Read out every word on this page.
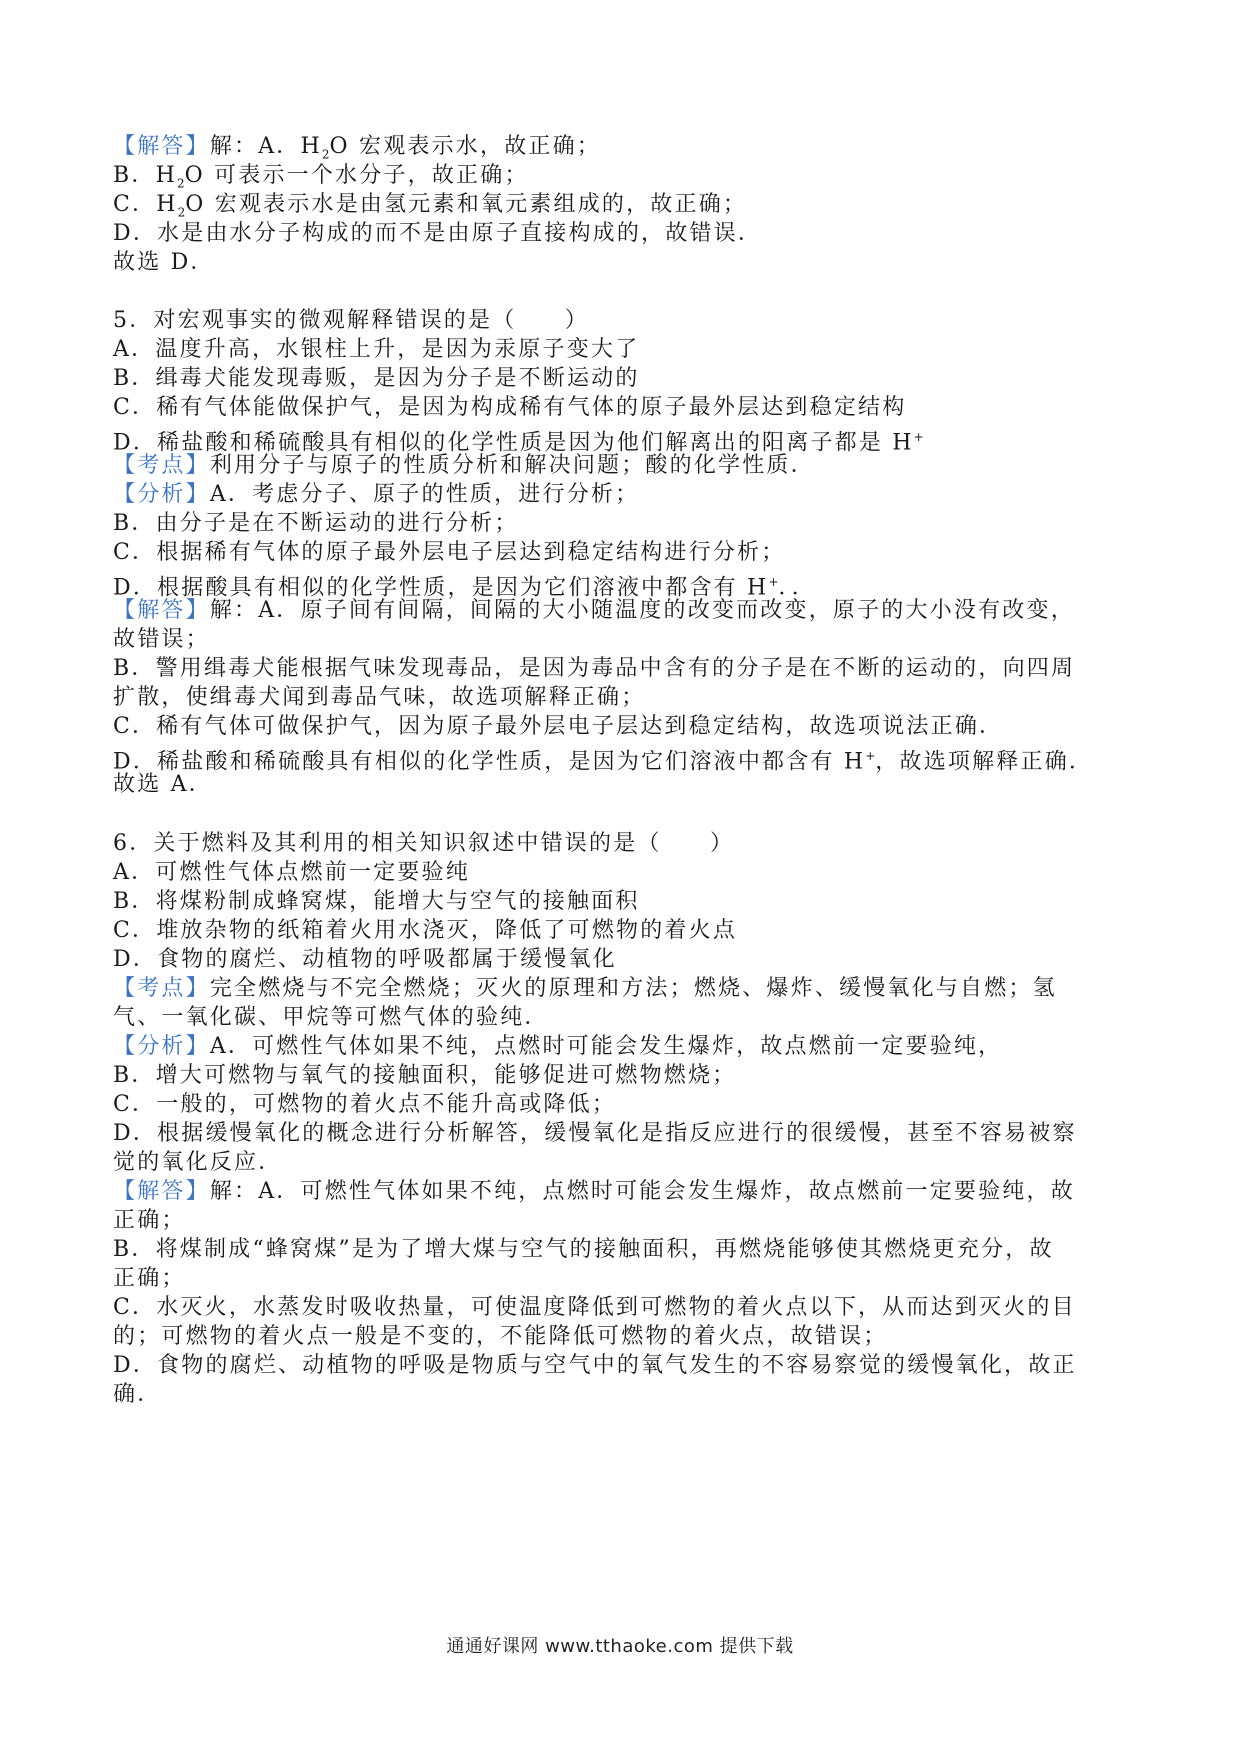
【解答】解：A．$H_2O$ 宏观表示水，故正确；
B．$H_2O$ 可表示一个水分子，故正确；
C．$H_2O$ 宏观表示水是由氢元素和氧元素组成的，故正确；
D．水是由水分子构成的而不是由原子直接构成的，故错误．
故选 D．
5．对宏观事实的微观解释错误的是（　　）
A．温度升高，水银柱上升，是因为汞原子变大了
B．缉毒犬能发现毒贩，是因为分子是不断运动的
C．稀有气体能做保护气，是因为构成稀有气体的原子最外层达到稳定结构
D．稀盐酸和稀硫酸具有相似的化学性质是因为他们解离出的阳离子都是 H+
【考点】利用分子与原子的性质分析和解决问题；酸的化学性质．
【分析】A．考虑分子、原子的性质，进行分析；
B．由分子是在不断运动的进行分析；
C．根据稀有气体的原子最外层电子层达到稳定结构进行分析；
D．根据酸具有相似的化学性质，是因为它们溶液中都含有 H+．．
【解答】解：A．原子间有间隔，间隔的大小随温度的改变而改变，原子的大小没有改变，
故错误；
B．警用缉毒犬能根据气味发现毒品，是因为毒品中含有的分子是在不断的运动的，向四周
扩散，使缉毒犬闻到毒品气味，故选项解释正确；
C．稀有气体可做保护气，因为原子最外层电子层达到稳定结构，故选项说法正确．
D．稀盐酸和稀硫酸具有相似的化学性质，是因为它们溶液中都含有 H+，故选项解释正确．
故选 A．
6．关于燃料及其利用的相关知识叙述中错误的是（　　）
A．可燃性气体点燃前一定要验纯
B．将煤粉制成蜂窝煤，能增大与空气的接触面积
C．堆放杂物的纸箱着火用水浇灭，降低了可燃物的着火点
D．食物的腐烂、动植物的呼吸都属于缓慢氧化
【考点】完全燃烧与不完全燃烧；灭火的原理和方法；燃烧、爆炸、缓慢氧化与自燃；氢
气、一氧化碳、甲烷等可燃气体的验纯．
【分析】A．可燃性气体如果不纯，点燃时可能会发生爆炸，故点燃前一定要验纯，
B．增大可燃物与氧气的接触面积，能够促进可燃物燃烧；
C．一般的，可燃物的着火点不能升高或降低；
D．根据缓慢氧化的概念进行分析解答，缓慢氧化是指反应进行的很缓慢，甚至不容易被察
觉的氧化反应．
【解答】解：A．可燃性气体如果不纯，点燃时可能会发生爆炸，故点燃前一定要验纯，故
正确；
B．将煤制成“蜂窝煤”是为了增大煤与空气的接触面积，再燃烧能够使其燃烧更充分，故
正确；
C．水灭火，水蒸发时吸收热量，可使温度降低到可燃物的着火点以下，从而达到灭火的目
的；可燃物的着火点一般是不变的，不能降低可燃物的着火点，故错误；
D．食物的腐烂、动植物的呼吸是物质与空气中的氧气发生的不容易察觉的缓慢氧化，故正
确．
通通好课网 www.tthaoke.com 提供下载
